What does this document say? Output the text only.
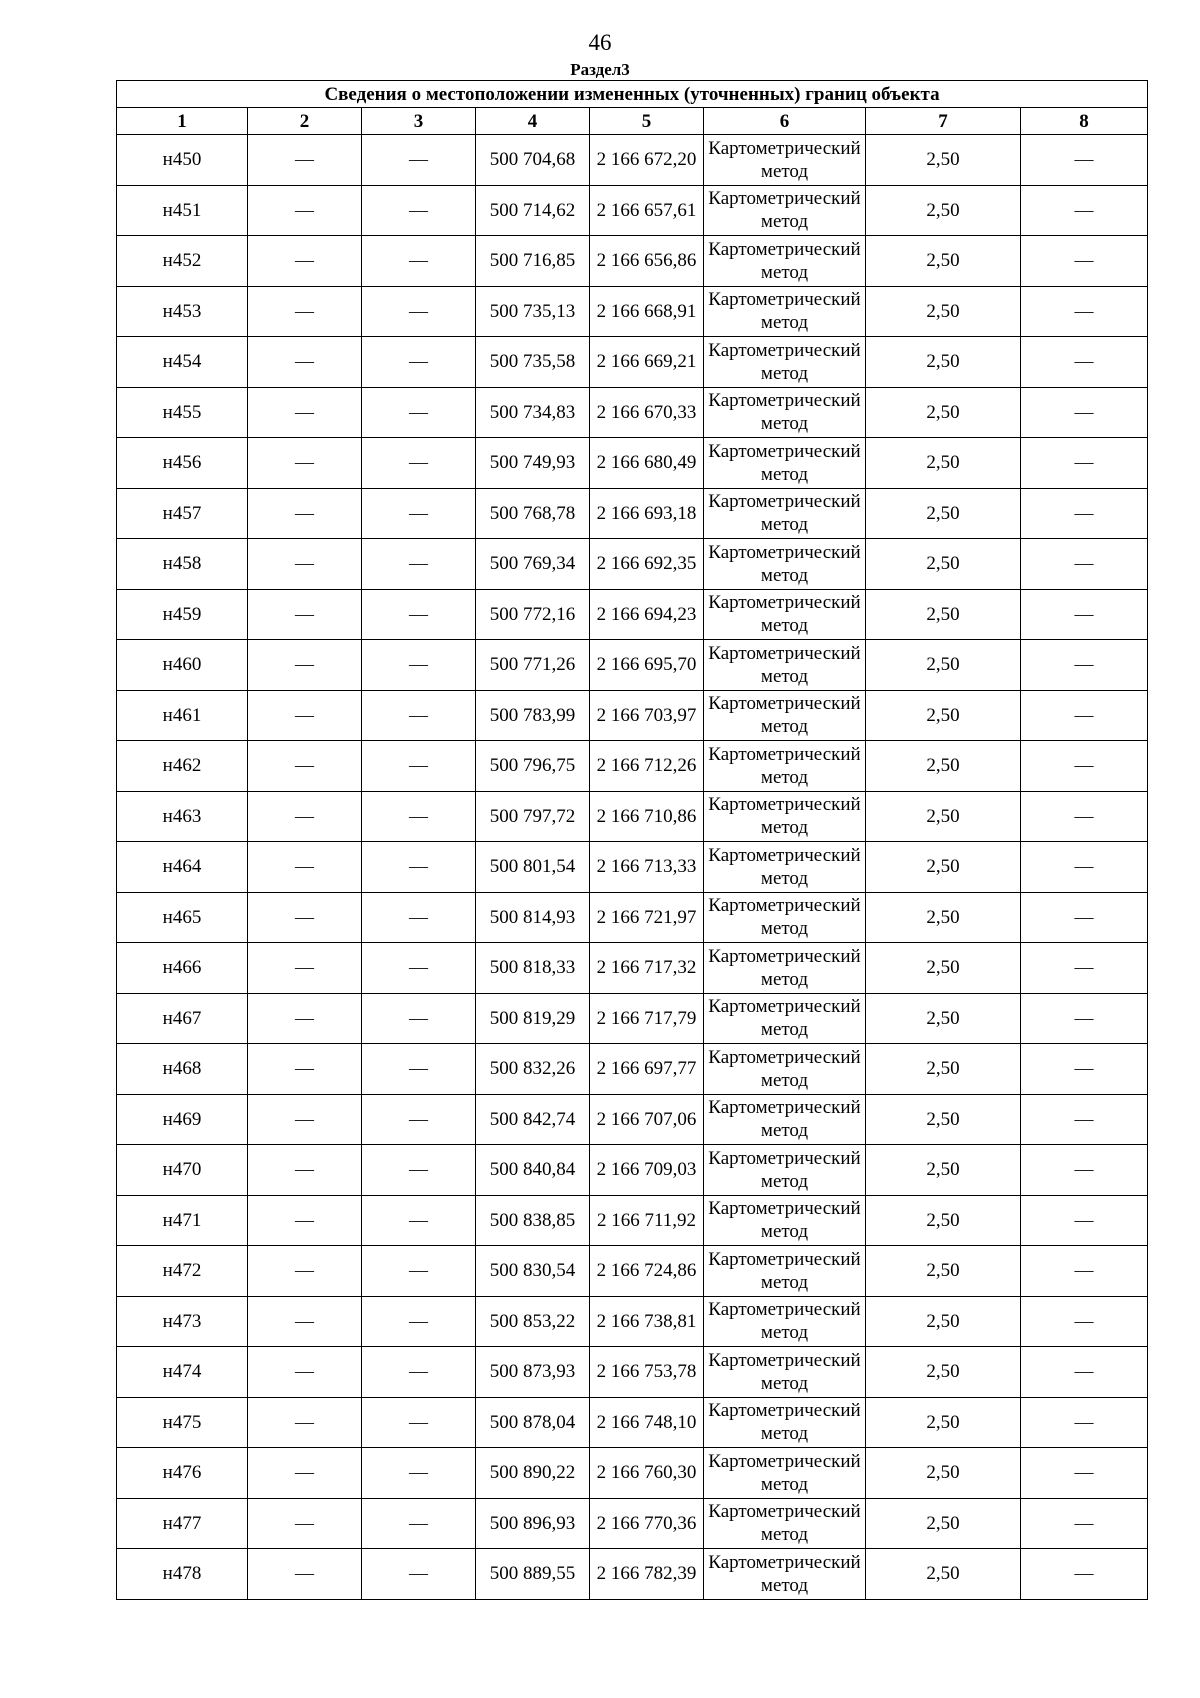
46
Раздел3
Сведения о местоположении измененных (уточненных) границ объекта							
1	2	3	4	5	6	7	8
н450	—	—	500 704,68	2 166 672,20	Картометрический метод	2,50	—
н451	—	—	500 714,62	2 166 657,61	Картометрический метод	2,50	—
н452	—	—	500 716,85	2 166 656,86	Картометрический метод	2,50	—
н453	—	—	500 735,13	2 166 668,91	Картометрический метод	2,50	—
н454	—	—	500 735,58	2 166 669,21	Картометрический метод	2,50	—
н455	—	—	500 734,83	2 166 670,33	Картометрический метод	2,50	—
н456	—	—	500 749,93	2 166 680,49	Картометрический метод	2,50	—
н457	—	—	500 768,78	2 166 693,18	Картометрический метод	2,50	—
н458	—	—	500 769,34	2 166 692,35	Картометрический метод	2,50	—
н459	—	—	500 772,16	2 166 694,23	Картометрический метод	2,50	—
н460	—	—	500 771,26	2 166 695,70	Картометрический метод	2,50	—
н461	—	—	500 783,99	2 166 703,97	Картометрический метод	2,50	—
н462	—	—	500 796,75	2 166 712,26	Картометрический метод	2,50	—
н463	—	—	500 797,72	2 166 710,86	Картометрический метод	2,50	—
н464	—	—	500 801,54	2 166 713,33	Картометрический метод	2,50	—
н465	—	—	500 814,93	2 166 721,97	Картометрический метод	2,50	—
н466	—	—	500 818,33	2 166 717,32	Картометрический метод	2,50	—
н467	—	—	500 819,29	2 166 717,79	Картометрический метод	2,50	—
н468	—	—	500 832,26	2 166 697,77	Картометрический метод	2,50	—
н469	—	—	500 842,74	2 166 707,06	Картометрический метод	2,50	—
н470	—	—	500 840,84	2 166 709,03	Картометрический метод	2,50	—
н471	—	—	500 838,85	2 166 711,92	Картометрический метод	2,50	—
н472	—	—	500 830,54	2 166 724,86	Картометрический метод	2,50	—
н473	—	—	500 853,22	2 166 738,81	Картометрический метод	2,50	—
н474	—	—	500 873,93	2 166 753,78	Картометрический метод	2,50	—
н475	—	—	500 878,04	2 166 748,10	Картометрический метод	2,50	—
н476	—	—	500 890,22	2 166 760,30	Картометрический метод	2,50	—
н477	—	—	500 896,93	2 166 770,36	Картометрический метод	2,50	—
н478	—	—	500 889,55	2 166 782,39	Картометрический метод	2,50	—
